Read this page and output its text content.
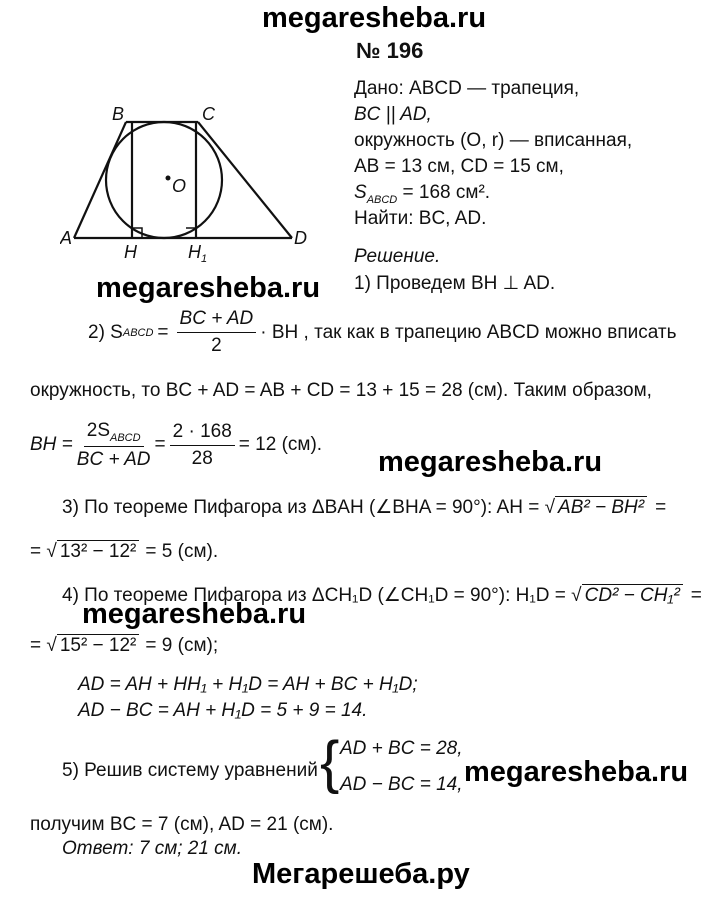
megaresheba.ru
megaresheba.ru
megaresheba.ru
megaresheba.ru
megaresheba.ru
Мегарешеба.ру
№ 196
Дано: ABCD — трапеция,
BC || AD,
окружность (O, r) — вписанная,
AB = 13 см, CD = 15 см,
$S_{ABCD} = 168$ см².
Найти: BC, AD.
B	C
O
A
H	H 1
D
Решение.
1) Проведем BH ⊥ AD.
2) S ABCD = $\frac{BC + AD}{2}$ · BH , так как в трапецию ABCD можно вписать
окружность, то BC + AD = AB + CD = 13 + 15 = 28 (см). Таким образом,
BH = $\frac{2S_{ABCD}}{BC + AD} = \frac{2 \cdot 168}{28} = 12$ (см).
3) По теореме Пифагора из ΔBAH (∠BHA = 90°): AH = √ AB² − BH² =
= √ 13² − 12² = 5 (см).
4) По теореме Пифагора из ΔCH₁D (∠CH₁D = 90°): H₁D = √ CD² − CH₁² =
= √ 15² − 12² = 9 (см);
AD = AH + HH₁ + H₁D = AH + BC + H₁D;
AD − BC = AH + H₁D = 5 + 9 = 14.
5) Решив систему уравнений { AD + BC = 28,
AD − BC = 14,
получим BC = 7 (см), AD = 21 (см).
Ответ: 7 см; 21 см.
